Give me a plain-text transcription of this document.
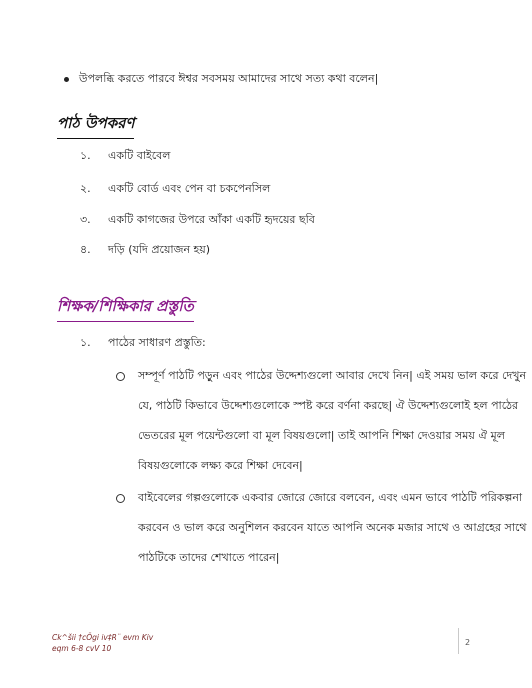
উপলব্ধি করতে পারবে ঈশ্বর সবসময় আমাদের সাথে সত্য কথা বলেন|
পাঠ উপকরণ
১. একটি বাইবেল
২. একটি বোর্ড এবং পেন বা চকপেনসিল
৩. একটি কাগজের উপরে আঁকা একটি হৃদয়ের ছবি
৪. দড়ি (যদি প্রয়োজন হয়)
শিক্ষক/শিক্ষিকার প্রস্তুতি
১. পাঠের সাধারণ প্রস্তুতি:
সম্পূর্ণ পাঠটি পড়ুন এবং পাঠের উদ্দেশ্যগুলো আবার দেখে নিন| এই সময় ভাল করে দেখুন
যে, পাঠটি কিভাবে উদ্দেশ্যগুলোকে স্পষ্ট করে বর্ণনা করছে| ঐ উদ্দেশ্যগুলোই হল পাঠের
ভেতরের মূল পয়েন্টগুলো বা মূল বিষয়গুলো| তাই আপনি শিক্ষা দেওয়ার সময় ঐ মূল
বিষয়গুলোকে লক্ষ্য করে শিক্ষা দেবেন|
বাইবেলের গল্পগুলোকে একবার জোরে জোরে বলবেন, এবং এমন ভাবে পাঠটি পরিকল্পনা
করবেন ও ভাল করে অনুশিলন করবেন যাতে আপনি অনেক মজার সাথে ও আগ্রহের সাথে
পাঠটিকে তাদের শেখাতে পারেন|
Ck^šii †cÖgi iv‡R¨ evm Kiv
eqm 6-8 cvV 10
2
